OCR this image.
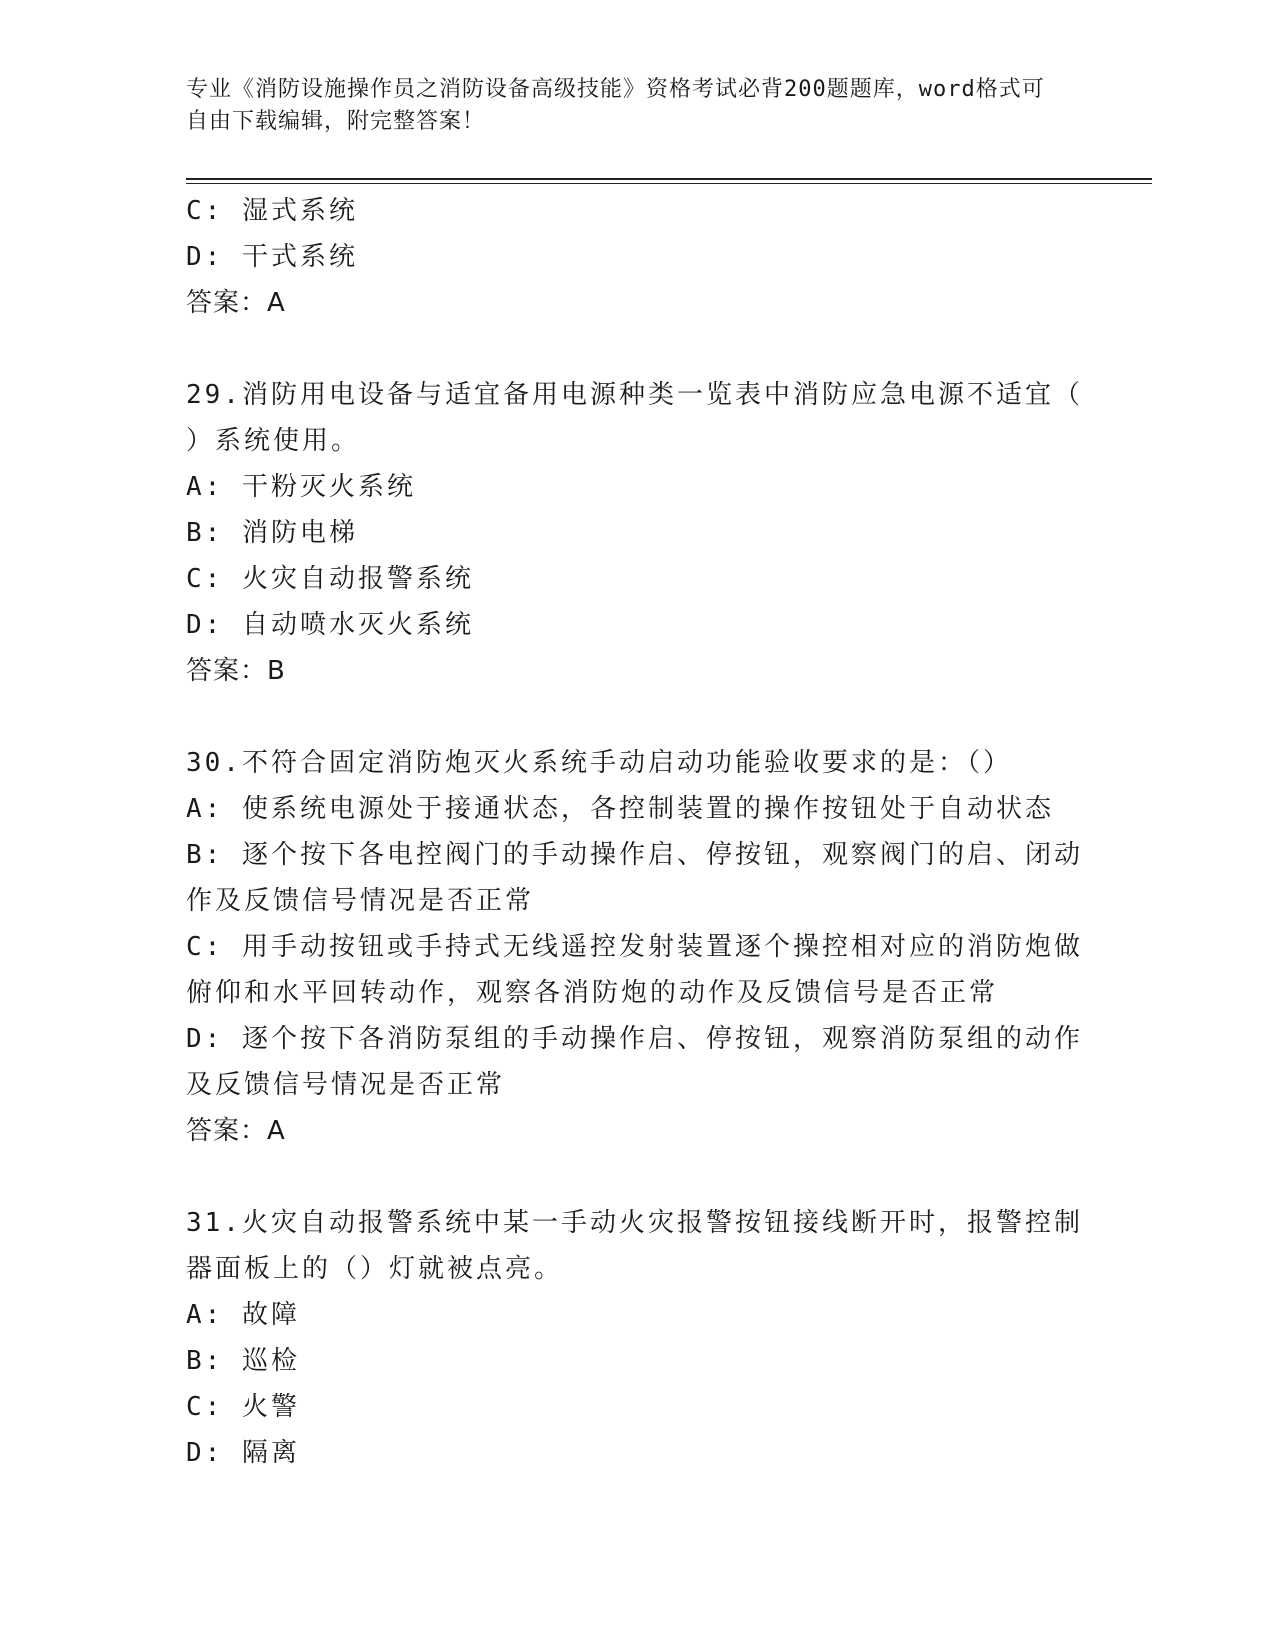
专业《消防设施操作员之消防设备高级技能》资格考试必背200题题库，word格式可自由下载编辑，附完整答案！
C: 湿式系统
D: 干式系统
答案：A
29.消防用电设备与适宜备用电源种类一览表中消防应急电源不适宜（
）系统使用。
A: 干粉灭火系统
B: 消防电梯
C: 火灾自动报警系统
D: 自动喷水灭火系统
答案：B
30.不符合固定消防炮灭火系统手动启动功能验收要求的是：（）
A: 使系统电源处于接通状态，各控制装置的操作按钮处于自动状态
B: 逐个按下各电控阀门的手动操作启、停按钮，观察阀门的启、闭动
作及反馈信号情况是否正常
C: 用手动按钮或手持式无线遥控发射装置逐个操控相对应的消防炮做
俯仰和水平回转动作，观察各消防炮的动作及反馈信号是否正常
D: 逐个按下各消防泵组的手动操作启、停按钮，观察消防泵组的动作
及反馈信号情况是否正常
答案：A
31.火灾自动报警系统中某一手动火灾报警按钮接线断开时，报警控制
器面板上的（）灯就被点亮。
A: 故障
B: 巡检
C: 火警
D: 隔离
